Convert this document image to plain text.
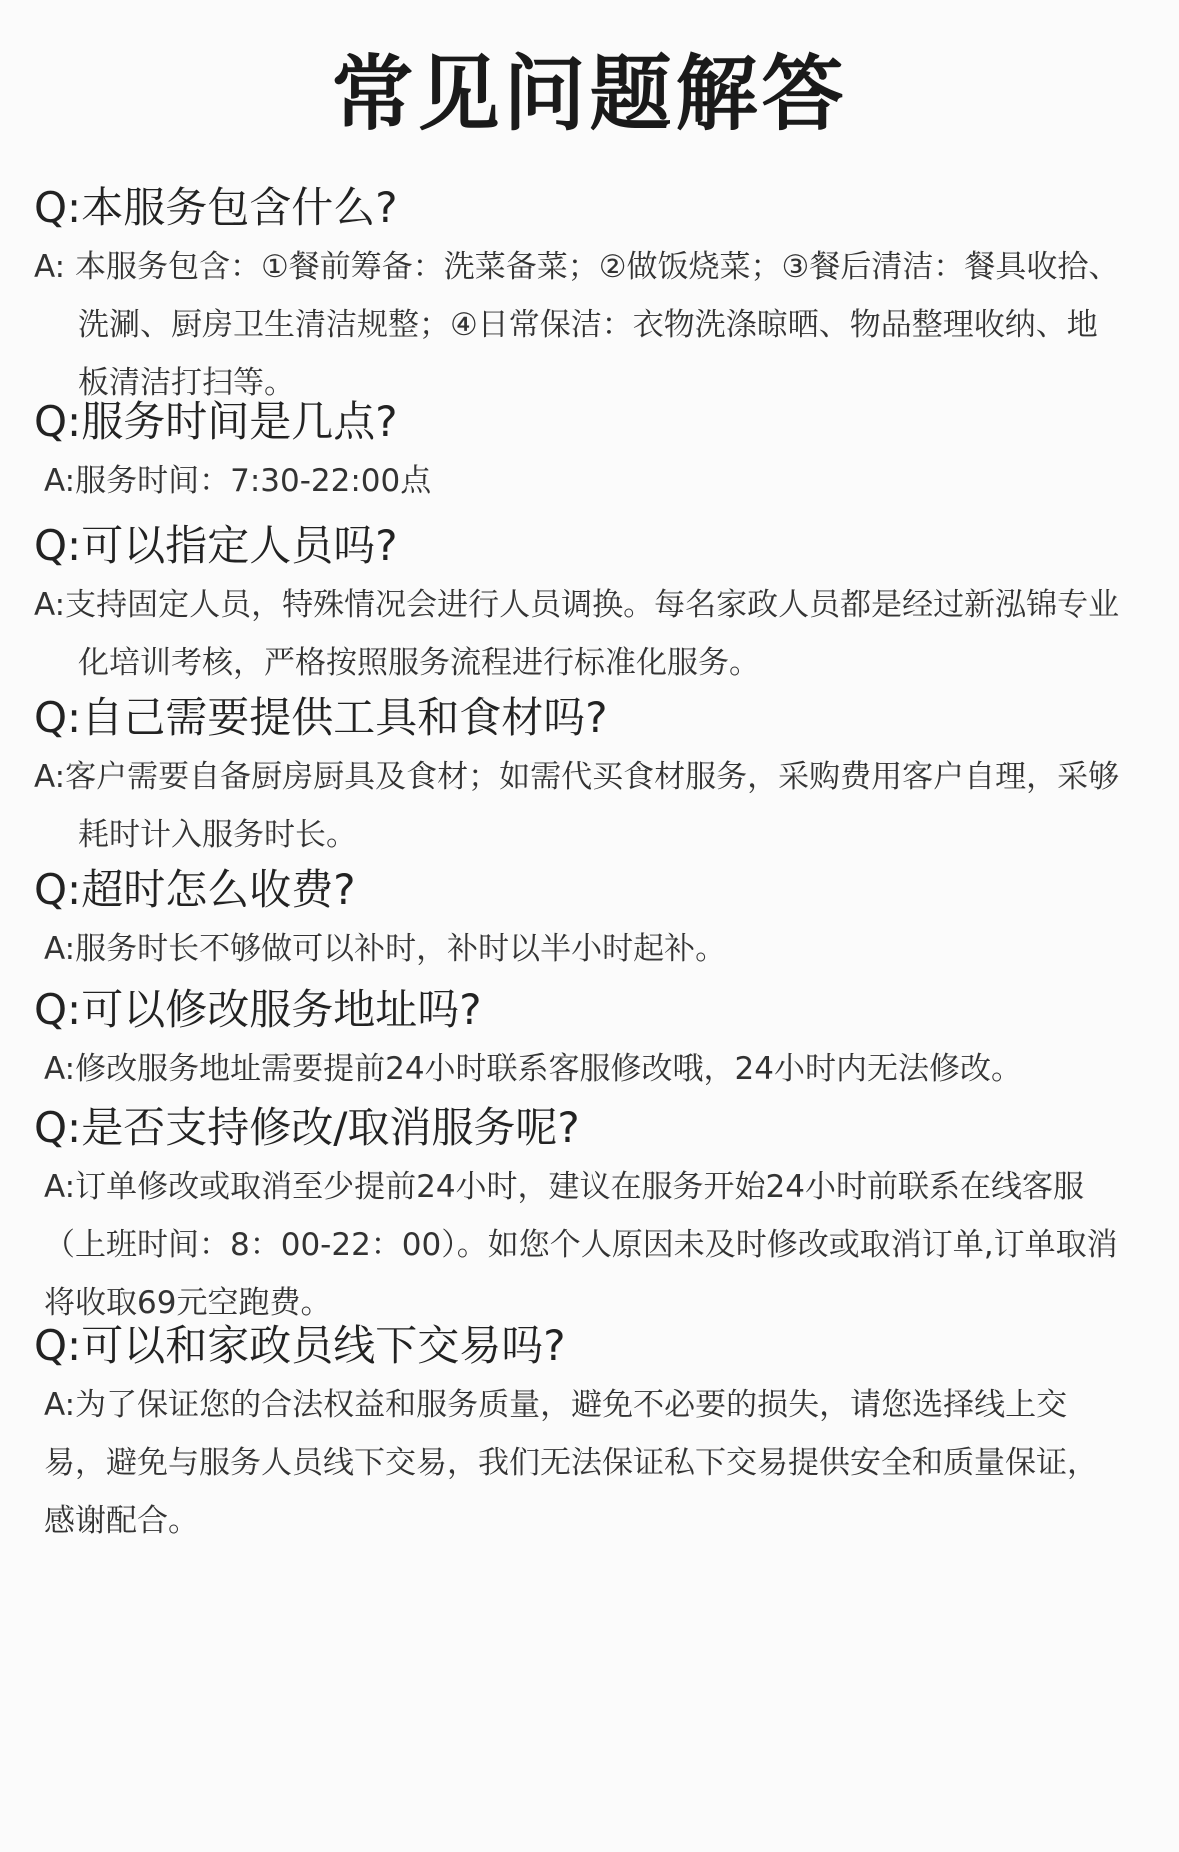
常见问题解答
Q:本服务包含什么?
A: 本服务包含：①餐前筹备：洗菜备菜；②做饭烧菜；③餐后清洁：餐具收拾、洗涮、厨房卫生清洁规整；④日常保洁：衣物洗涤晾晒、物品整理收纳、地板清洁打扫等。
Q:服务时间是几点?
A:服务时间：7:30-22:00点
Q:可以指定人员吗?
A:支持固定人员，特殊情况会进行人员调换。每名家政人员都是经过新泓锦专业化培训考核，严格按照服务流程进行标准化服务。
Q:自己需要提供工具和食材吗?
A:客户需要自备厨房厨具及食材；如需代买食材服务，采购费用客户自理，采够耗时计入服务时长。
Q:超时怎么收费?
A:服务时长不够做可以补时，补时以半小时起补。
Q:可以修改服务地址吗?
A:修改服务地址需要提前24小时联系客服修改哦，24小时内无法修改。
Q:是否支持修改/取消服务呢?
A:订单修改或取消至少提前24小时，建议在服务开始24小时前联系在线客服（上班时间：8：00-22：00）。如您个人原因未及时修改或取消订单,订单取消将收取69元空跑费。
Q:可以和家政员线下交易吗?
A:为了保证您的合法权益和服务质量，避免不必要的损失，请您选择线上交易，避免与服务人员线下交易，我们无法保证私下交易提供安全和质量保证，感谢配合。
